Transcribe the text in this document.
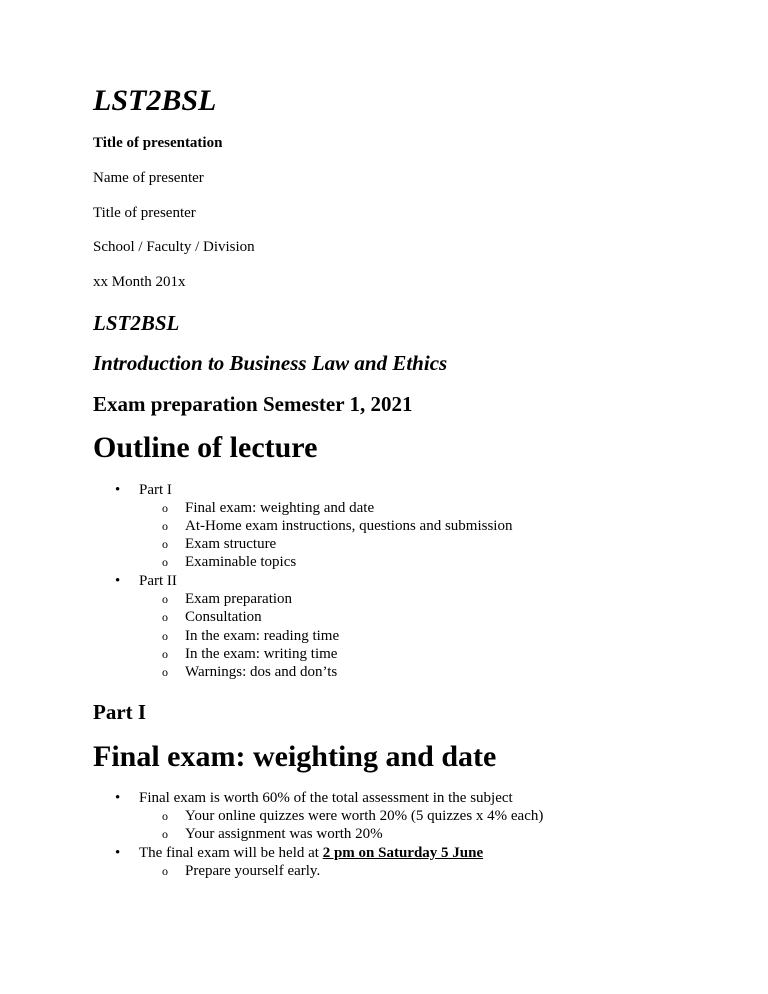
LST2BSL
Title of presentation
Name of presenter
Title of presenter
School / Faculty / Division
xx Month 201x
LST2BSL
Introduction to Business Law and Ethics
Exam preparation Semester 1, 2021
Outline of lecture
• Part I
o Final exam: weighting and date
o At-Home exam instructions, questions and submission
o Exam structure
o Examinable topics
• Part II
o Exam preparation
o Consultation
o In the exam: reading time
o In the exam: writing time
o Warnings: dos and don’ts
Part I
Final exam: weighting and date
• Final exam is worth 60% of the total assessment in the subject
o Your online quizzes were worth 20% (5 quizzes x 4% each)
o Your assignment was worth 20%
• The final exam will be held at 2 pm on Saturday 5 June
o Prepare yourself early.
